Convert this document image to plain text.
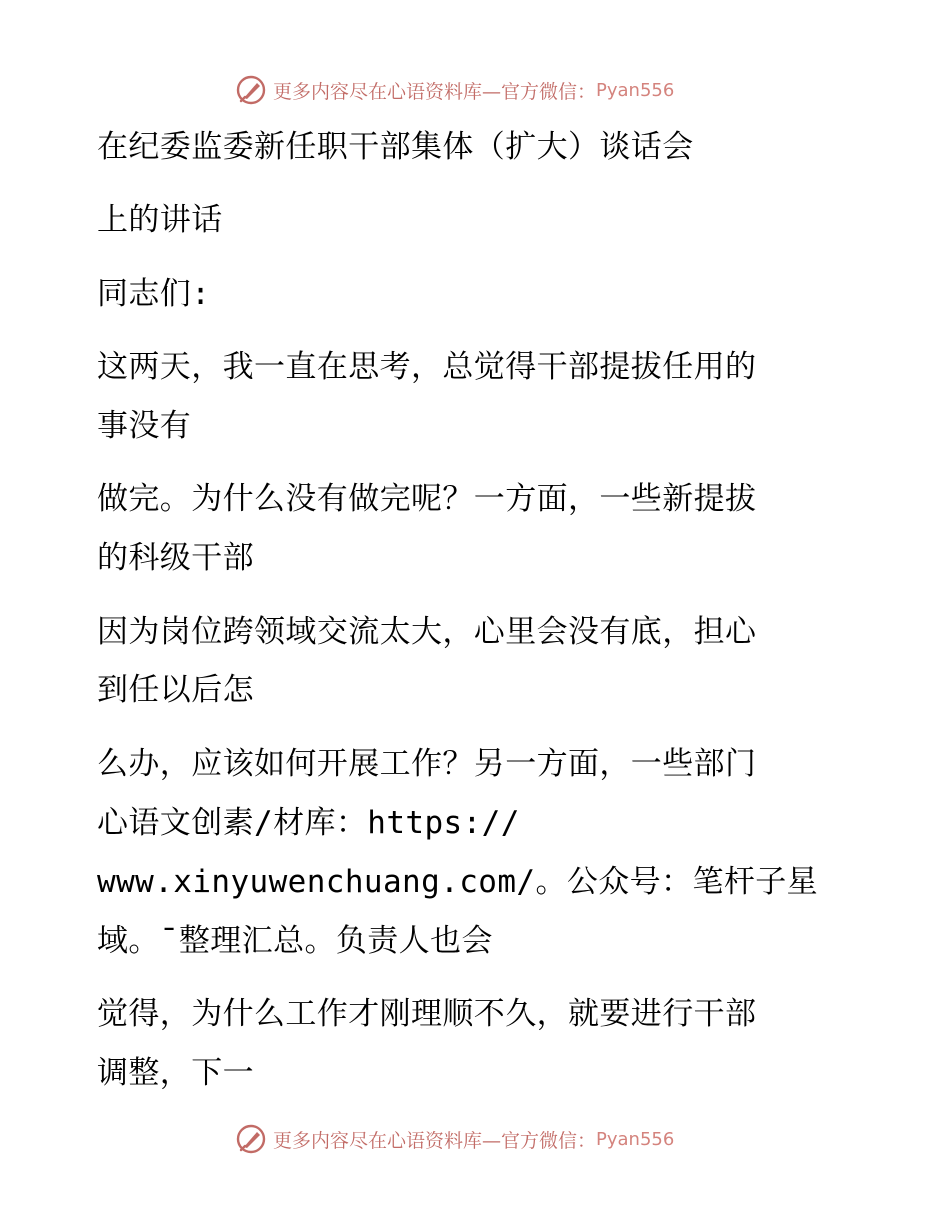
更多内容尽在心语资料库—官方微信： Pyan556
在纪委监委新任职干部集体（扩大）谈话会
上的讲话
同志们:
这两天，我一直在思考，总觉得干部提拔任用的
事没有
做完。为什么没有做完呢？一方面，一些新提拔
的科级干部
因为岗位跨领域交流太大，心里会没有底，担心
到任以后怎
么办，应该如何开展工作？另一方面，一些部门
心语文创素/材库：https://
www.xinyuwenchuang.com/。公众号：笔杆子星
域。¯整理汇总。负责人也会
觉得，为什么工作才刚理顺不久，就要进行干部
调整，下一
更多内容尽在心语资料库—官方微信： Pyan556
